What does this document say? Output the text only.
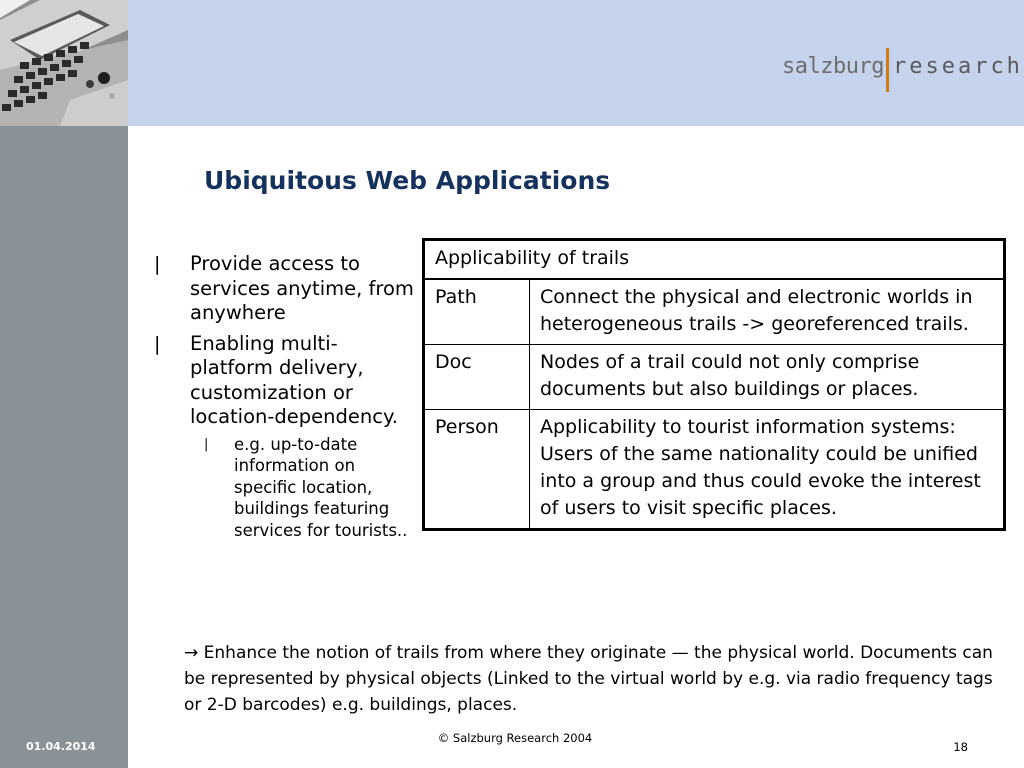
salzburg research
Ubiquitous Web Applications
|	Provide access to services anytime, from anywhere
|	Enabling multi-platform delivery, customization or location-dependency.
|	e.g. up-to-date information on specific location, buildings featuring services for tourists..
Applicability of trails	
Path	Connect the physical and electronic worlds in heterogeneous trails -> georeferenced trails.
Doc	Nodes of a trail could not only comprise documents but also buildings or places.
Person	Applicability to tourist information systems: Users of the same nationality could be unified into a group and thus could evoke the interest of users to visit specific places.
→ Enhance the notion of trails from where they originate — the physical world. Documents can be represented by physical objects (Linked to the virtual world by e.g. via radio frequency tags or 2-D barcodes) e.g. buildings, places.
01.04.2014
© Salzburg Research 2004
18
